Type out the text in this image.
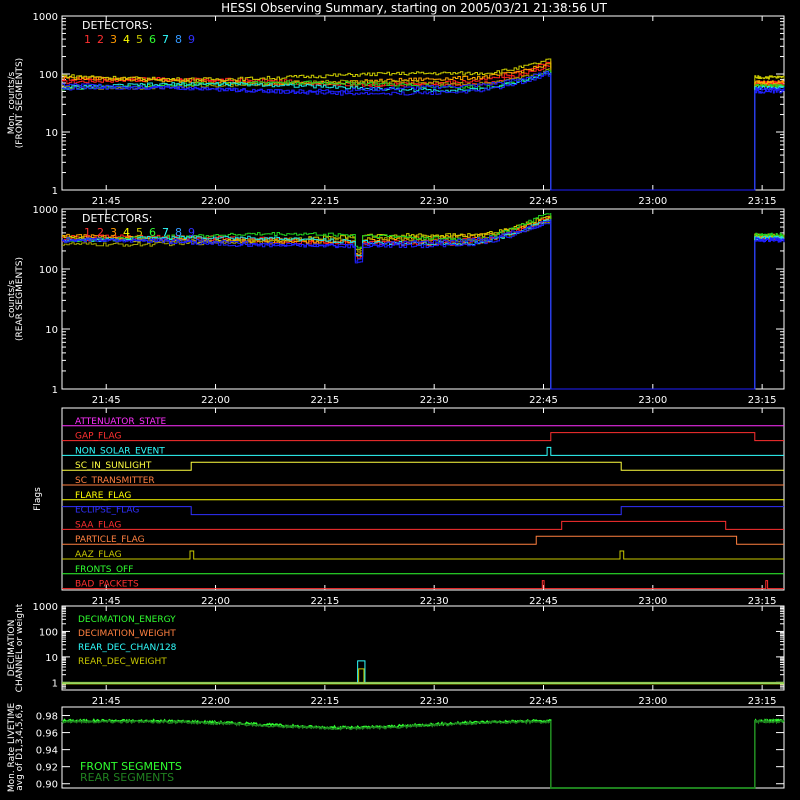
HESSI Observing Summary, starting on 2005/03/21 21:38:56 UT
21:45	22:00	22:15	22:30	22:45	23:00	23:15
Mon. counts/s
(FRONT SEGMENTS)
1000
100
10
1
DETECTORS:
1 2 3 4 5 6 7 8 9
21:45	22:00	22:15	22:30	22:45	23:00	23:15
counts/s
(REAR SEGMENTS)
1000
100
10
1
DETECTORS:
1 2 3 4 5 6 7 8 9
21:45	22:00	22:15	22:30	22:45	23:00	23:15
Flags
ATTENUATOR_STATE
GAP_FLAG
NON_SOLAR_EVENT
SC_IN_SUNLIGHT
SC_TRANSMITTER
FLARE_FLAG
ECLIPSE_FLAG
SAA_FLAG
PARTICLE_FLAG
AAZ_FLAG
FRONTS_OFF
BAD_PACKETS
21:45	22:00	22:15	22:30	22:45	23:00	23:15
DECIMATION
CHANNEL or weight 1000
100
10
1
DECIMATION_ENERGY
DECIMATION_WEIGHT
REAR_DEC_CHAN/128
REAR_DEC_WEIGHT
Mon. Rate LIVETIME
avg of D1,3,4,5,6,9 0.98
0.96
0.94
0.92
0.90
FRONT SEGMENTS
REAR SEGMENTS
